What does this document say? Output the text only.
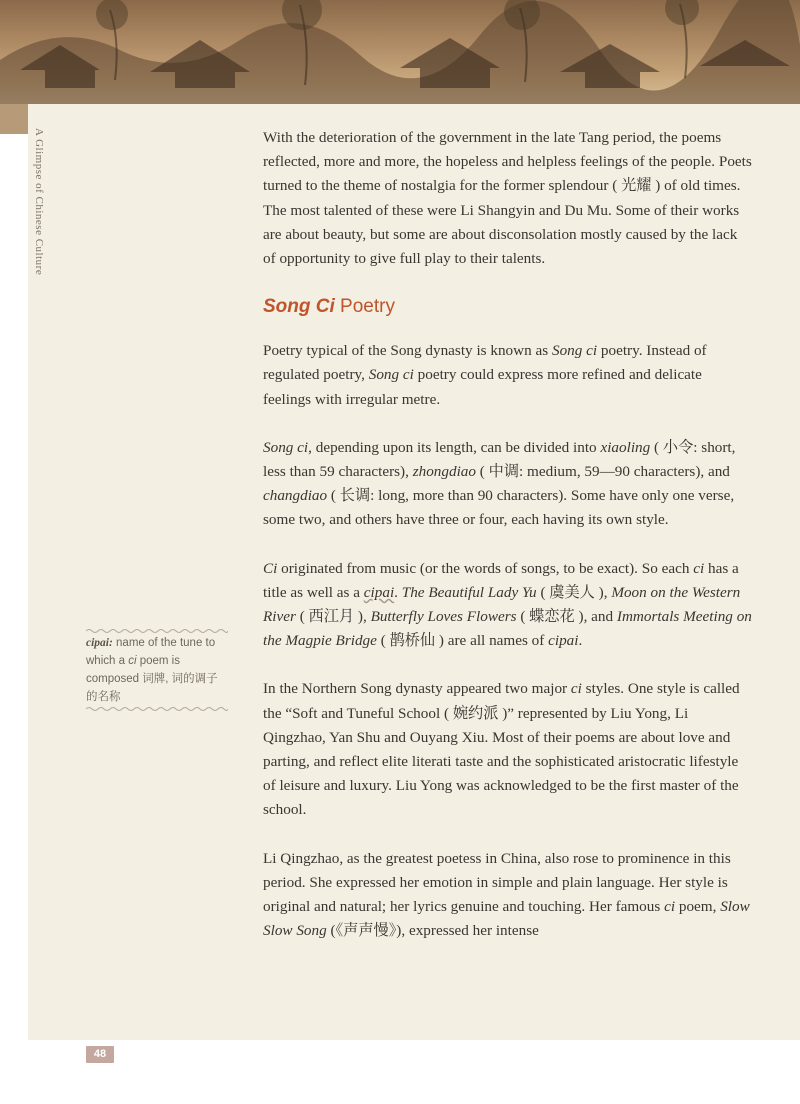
A Glimpse of Chinese Culture	With the deterioration of the government in the late Tang period, the poems reflected, more and more, the hopeless and helpless feelings of the people. Poets turned to the theme of nostalgia for the former splendour ( 光耀 ) of old times. The most talented of these were Li Shangyin and Du Mu. Some of their works are about beauty, but some are about disconsolation mostly caused by the lack of opportunity to give full play to their talents.

Song Ci Poetry

Poetry typical of the Song dynasty is known as Song ci poetry. Instead of regulated poetry, Song ci poetry could express more refined and delicate feelings with irregular metre.

Song ci, depending upon its length, can be divided into xiaoling ( 小令: short, less than 59 characters), zhongdiao ( 中调: medium, 59—90 characters), and changdiao ( 长调: long, more than 90 characters). Some have only one verse, some two, and others have three or four, each having its own style.

Ci originated from music (or the words of songs, to be exact). So each ci has a title as well as a cipai. The Beautiful Lady Yu ( 虞美人 ), Moon on the Western River ( 西江月 ), Butterfly Loves Flowers ( 蝶恋花 ), and Immortals Meeting on the Magpie Bridge ( 鹊桥仙 ) are all names of cipai.

In the Northern Song dynasty appeared two major ci styles. One style is called the “Soft and Tuneful School ( 婉约派 )” represented by Liu Yong, Li Qingzhao, Yan Shu and Ouyang Xiu. Most of their poems are about love and parting, and reflect elite literati taste and the sophisticated aristocratic lifestyle of leisure and luxury. Liu Yong was acknowledged to be the first master of the school.

Li Qingzhao, as the greatest poetess in China, also rose to prominence in this period. She expressed her emotion in simple and plain language. Her style is original and natural; her lyrics genuine and touching. Her famous ci poem, Slow Slow Song (《声声慢》), expressed her intense

cipai: name of the tune to which a ci poem is composed 词牌, 词的调子的名称
48
